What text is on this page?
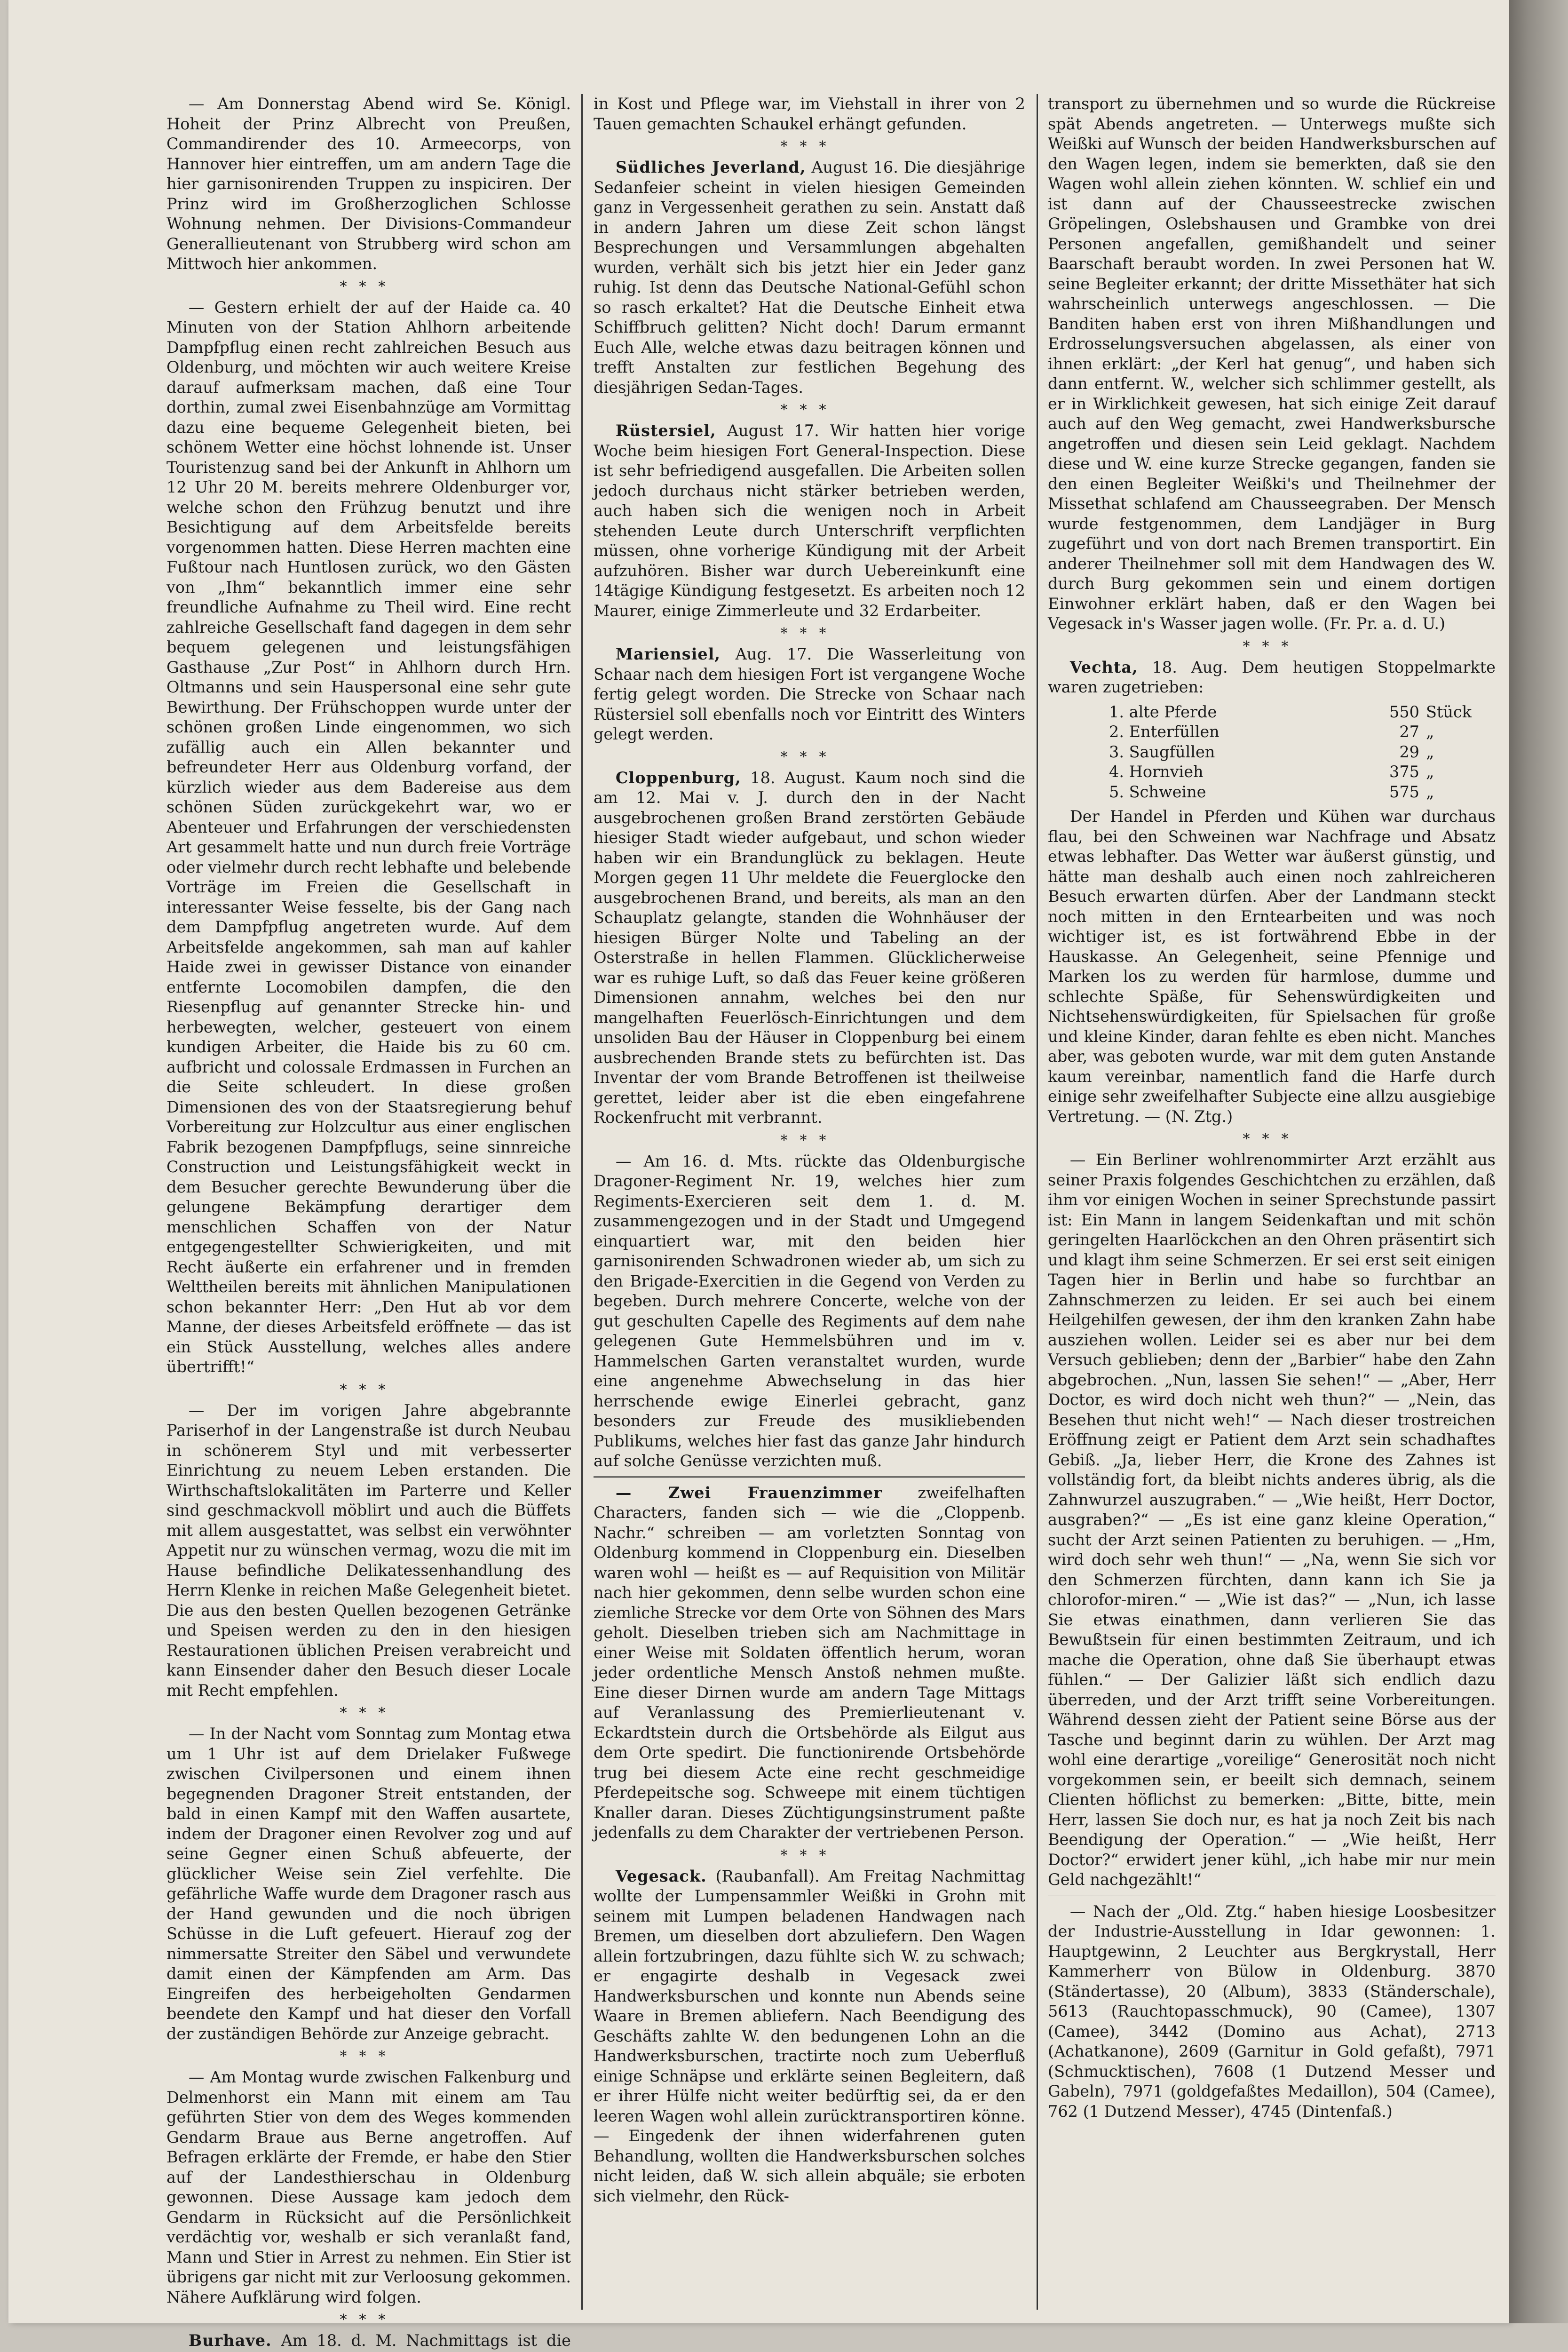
— Am Donnerstag Abend wird Se. Königl. Hoheit der Prinz Albrecht von Preußen, Commandirender des 10. Armeecorps, von Hannover hier eintreffen, um am andern Tage die hier garnisonirenden Truppen zu inspiciren. Der Prinz wird im Großherzoglichen Schlosse Wohnung nehmen. Der Divisions-Commandeur Generallieutenant von Strubberg wird schon am Mittwoch hier ankommen.

***

— Gestern erhielt der auf der Haide ca. 40 Minuten von der Station Ahlhorn arbeitende Dampfpflug einen recht zahlreichen Besuch aus Oldenburg, und möchten wir auch weitere Kreise darauf aufmerksam machen, daß eine Tour dorthin, zumal zwei Eisenbahnzüge am Vormittag dazu eine bequeme Gelegenheit bieten, bei schönem Wetter eine höchst lohnende ist. Unser Touristenzug sand bei der Ankunft in Ahlhorn um 12 Uhr 20 M. bereits mehrere Oldenburger vor, welche schon den Frühzug benutzt und ihre Besichtigung auf dem Arbeitsfelde bereits vorgenommen hatten. Diese Herren machten eine Fußtour nach Huntlosen zurück, wo den Gästen von „Ihm“ bekanntlich immer eine sehr freundliche Aufnahme zu Theil wird. Eine recht zahlreiche Gesellschaft fand dagegen in dem sehr bequem gelegenen und leistungsfähigen Gasthause „Zur Post“ in Ahlhorn durch Hrn. Oltmanns und sein Hauspersonal eine sehr gute Bewirthung. Der Frühschoppen wurde unter der schönen großen Linde eingenommen, wo sich zufällig auch ein Allen bekannter und befreundeter Herr aus Oldenburg vorfand, der kürzlich wieder aus dem Badereise aus dem schönen Süden zurückgekehrt war, wo er Abenteuer und Erfahrungen der verschiedensten Art gesammelt hatte und nun durch freie Vorträge oder vielmehr durch recht lebhafte und belebende Vorträge im Freien die Gesellschaft in interessanter Weise fesselte, bis der Gang nach dem Dampfpflug angetreten wurde. Auf dem Arbeitsfelde angekommen, sah man auf kahler Haide zwei in gewisser Distance von einander entfernte Locomobilen dampfen, die den Riesenpflug auf genannter Strecke hin- und herbewegten, welcher, gesteuert von einem kundigen Arbeiter, die Haide bis zu 60 cm. aufbricht und colossale Erdmassen in Furchen an die Seite schleudert. In diese großen Dimensionen des von der Staatsregierung behuf Vorbereitung zur Holzcultur aus einer englischen Fabrik bezogenen Dampfpflugs, seine sinnreiche Construction und Leistungsfähigkeit weckt in dem Besucher gerechte Bewunderung über die gelungene Bekämpfung derartiger dem menschlichen Schaffen von der Natur entgegengestellter Schwierigkeiten, und mit Recht äußerte ein erfahrener und in fremden Welttheilen bereits mit ähnlichen Manipulationen schon bekannter Herr: „Den Hut ab vor dem Manne, der dieses Arbeitsfeld eröffnete — das ist ein Stück Ausstellung, welches alles andere übertrifft!“

***

— Der im vorigen Jahre abgebrannte Pariserhof in der Langenstraße ist durch Neubau in schönerem Styl und mit verbesserter Einrichtung zu neuem Leben erstanden. Die Wirthschaftslokalitäten im Parterre und Keller sind geschmackvoll möblirt und auch die Büffets mit allem ausgestattet, was selbst ein verwöhnter Appetit nur zu wünschen vermag, wozu die mit im Hause befindliche Delikatessenhandlung des Herrn Klenke in reichen Maße Gelegenheit bietet. Die aus den besten Quellen bezogenen Getränke und Speisen werden zu den in den hiesigen Restaurationen üblichen Preisen verabreicht und kann Einsender daher den Besuch dieser Locale mit Recht empfehlen.

***

— In der Nacht vom Sonntag zum Montag etwa um 1 Uhr ist auf dem Drielaker Fußwege zwischen Civilpersonen und einem ihnen begegnenden Dragoner Streit entstanden, der bald in einen Kampf mit den Waffen ausartete, indem der Dragoner einen Revolver zog und auf seine Gegner einen Schuß abfeuerte, der glücklicher Weise sein Ziel verfehlte. Die gefährliche Waffe wurde dem Dragoner rasch aus der Hand gewunden und die noch übrigen Schüsse in die Luft gefeuert. Hierauf zog der nimmersatte Streiter den Säbel und verwundete damit einen der Kämpfenden am Arm. Das Eingreifen des herbeigeholten Gendarmen beendete den Kampf und hat dieser den Vorfall der zuständigen Behörde zur Anzeige gebracht.

***

— Am Montag wurde zwischen Falkenburg und Delmenhorst ein Mann mit einem am Tau geführten Stier von dem des Weges kommenden Gendarm Braue aus Berne angetroffen. Auf Befragen erklärte der Fremde, er habe den Stier auf der Landesthierschau in Oldenburg gewonnen. Diese Aussage kam jedoch dem Gendarm in Rücksicht auf die Persönlichkeit verdächtig vor, weshalb er sich veranlaßt fand, Mann und Stier in Arrest zu nehmen. Ein Stier ist übrigens gar nicht mit zur Verloosung gekommen. Nähere Aufklärung wird folgen.

***

Burhave. Am 18. d. M. Nachmittags ist die

in Kost und Pflege war, im Viehstall in ihrer von 2 Tauen gemachten Schaukel erhängt gefunden.

***

Südliches Jeverland, August 16. Die diesjährige Sedanfeier scheint in vielen hiesigen Gemeinden ganz in Vergessenheit gerathen zu sein. Anstatt daß in andern Jahren um diese Zeit schon längst Besprechungen und Versammlungen abgehalten wurden, verhält sich bis jetzt hier ein Jeder ganz ruhig. Ist denn das Deutsche National-Gefühl schon so rasch erkaltet? Hat die Deutsche Einheit etwa Schiffbruch gelitten? Nicht doch! Darum ermannt Euch Alle, welche etwas dazu beitragen können und trefft Anstalten zur festlichen Begehung des diesjährigen Sedan-Tages.

***

Rüstersiel, August 17. Wir hatten hier vorige Woche beim hiesigen Fort General-Inspection. Diese ist sehr befriedigend ausgefallen. Die Arbeiten sollen jedoch durchaus nicht stärker betrieben werden, auch haben sich die wenigen noch in Arbeit stehenden Leute durch Unterschrift verpflichten müssen, ohne vorherige Kündigung mit der Arbeit aufzuhören. Bisher war durch Uebereinkunft eine 14tägige Kündigung festgesetzt. Es arbeiten noch 12 Maurer, einige Zimmerleute und 32 Erdarbeiter.

***

Mariensiel, Aug. 17. Die Wasserleitung von Schaar nach dem hiesigen Fort ist vergangene Woche fertig gelegt worden. Die Strecke von Schaar nach Rüstersiel soll ebenfalls noch vor Eintritt des Winters gelegt werden.

***

Cloppenburg, 18. August. Kaum noch sind die am 12. Mai v. J. durch den in der Nacht ausgebrochenen großen Brand zerstörten Gebäude hiesiger Stadt wieder aufgebaut, und schon wieder haben wir ein Brandunglück zu beklagen. Heute Morgen gegen 11 Uhr meldete die Feuerglocke den ausgebrochenen Brand, und bereits, als man an den Schauplatz gelangte, standen die Wohnhäuser der hiesigen Bürger Nolte und Tabeling an der Osterstraße in hellen Flammen. Glücklicherweise war es ruhige Luft, so daß das Feuer keine größeren Dimensionen annahm, welches bei den nur mangelhaften Feuerlösch-Einrichtungen und dem unsoliden Bau der Häuser in Cloppenburg bei einem ausbrechenden Brande stets zu befürchten ist. Das Inventar der vom Brande Betroffenen ist theilweise gerettet, leider aber ist die eben eingefahrene Rockenfrucht mit verbrannt.

***

— Am 16. d. Mts. rückte das Oldenburgische Dragoner-Regiment Nr. 19, welches hier zum Regiments-Exercieren seit dem 1. d. M. zusammengezogen und in der Stadt und Umgegend einquartiert war, mit den beiden hier garnisonirenden Schwadronen wieder ab, um sich zu den Brigade-Exercitien in die Gegend von Verden zu begeben. Durch mehrere Concerte, welche von der gut geschulten Capelle des Regiments auf dem nahe gelegenen Gute Hemmelsbühren und im v. Hammelschen Garten veranstaltet wurden, wurde eine angenehme Abwechselung in das hier herrschende ewige Einerlei gebracht, ganz besonders zur Freude des musikliebenden Publikums, welches hier fast das ganze Jahr hindurch auf solche Genüsse verzichten muß.

— Zwei Frauenzimmer zweifelhaften Characters, fanden sich — wie die „Cloppenb. Nachr.“ schreiben — am vorletzten Sonntag von Oldenburg kommend in Cloppenburg ein. Dieselben waren wohl — heißt es — auf Requisition von Militär nach hier gekommen, denn selbe wurden schon eine ziemliche Strecke vor dem Orte von Söhnen des Mars geholt. Dieselben trieben sich am Nachmittage in einer Weise mit Soldaten öffentlich herum, woran jeder ordentliche Mensch Anstoß nehmen mußte. Eine dieser Dirnen wurde am andern Tage Mittags auf Veranlassung des Premierlieutenant v. Eckardtstein durch die Ortsbehörde als Eilgut aus dem Orte spedirt. Die functionirende Ortsbehörde trug bei diesem Acte eine recht geschmeidige Pferdepeitsche sog. Schweepe mit einem tüchtigen Knaller daran. Dieses Züchtigungsinstrument paßte jedenfalls zu dem Charakter der vertriebenen Person.

***

Vegesack. (Raubanfall). Am Freitag Nachmittag wollte der Lumpensammler Weißki in Grohn mit seinem mit Lumpen beladenen Handwagen nach Bremen, um dieselben dort abzuliefern. Den Wagen allein fortzubringen, dazu fühlte sich W. zu schwach; er engagirte deshalb in Vegesack zwei Handwerksburschen und konnte nun Abends seine Waare in Bremen abliefern. Nach Beendigung des Geschäfts zahlte W. den bedungenen Lohn an die Handwerksburschen, tractirte noch zum Ueberfluß einige Schnäpse und erklärte seinen Begleitern, daß er ihrer Hülfe nicht weiter bedürftig sei, da er den leeren Wagen wohl allein zurücktransportiren könne. — Eingedenk der ihnen widerfahrenen guten Behandlung, wollten die Handwerksburschen solches nicht leiden, daß W. sich allein abquäle; sie erboten sich vielmehr, den Rück-

transport zu übernehmen und so wurde die Rückreise spät Abends angetreten. — Unterwegs mußte sich Weißki auf Wunsch der beiden Handwerksburschen auf den Wagen legen, indem sie bemerkten, daß sie den Wagen wohl allein ziehen könnten. W. schlief ein und ist dann auf der Chausseestrecke zwischen Gröpelingen, Oslebshausen und Grambke von drei Personen angefallen, gemißhandelt und seiner Baarschaft beraubt worden. In zwei Personen hat W. seine Begleiter erkannt; der dritte Missethäter hat sich wahrscheinlich unterwegs angeschlossen. — Die Banditen haben erst von ihren Mißhandlungen und Erdrosselungsversuchen abgelassen, als einer von ihnen erklärt: „der Kerl hat genug“, und haben sich dann entfernt. W., welcher sich schlimmer gestellt, als er in Wirklichkeit gewesen, hat sich einige Zeit darauf auch auf den Weg gemacht, zwei Handwerksbursche angetroffen und diesen sein Leid geklagt. Nachdem diese und W. eine kurze Strecke gegangen, fanden sie den einen Begleiter Weißki's und Theilnehmer der Missethat schlafend am Chausseegraben. Der Mensch wurde festgenommen, dem Landjäger in Burg zugeführt und von dort nach Bremen transportirt. Ein anderer Theilnehmer soll mit dem Handwagen des W. durch Burg gekommen sein und einem dortigen Einwohner erklärt haben, daß er den Wagen bei Vegesack in's Wasser jagen wolle. (Fr. Pr. a. d. U.)

***

Vechta, 18. Aug. Dem heutigen Stoppelmarkte waren zugetrieben:

1. alte Pferde	550 Stück
2. Enterfüllen	27 „
3. Saugfüllen	29 „
4. Hornvieh	375 „
5. Schweine	575 „

Der Handel in Pferden und Kühen war durchaus flau, bei den Schweinen war Nachfrage und Absatz etwas lebhafter. Das Wetter war äußerst günstig, und hätte man deshalb auch einen noch zahlreicheren Besuch erwarten dürfen. Aber der Landmann steckt noch mitten in den Erntearbeiten und was noch wichtiger ist, es ist fortwährend Ebbe in der Hauskasse. An Gelegenheit, seine Pfennige und Marken los zu werden für harmlose, dumme und schlechte Späße, für Sehenswürdigkeiten und Nichtsehenswürdigkeiten, für Spielsachen für große und kleine Kinder, daran fehlte es eben nicht. Manches aber, was geboten wurde, war mit dem guten Anstande kaum vereinbar, namentlich fand die Harfe durch einige sehr zweifelhafter Subjecte eine allzu ausgiebige Vertretung. — (N. Ztg.)

***

— Ein Berliner wohlrenommirter Arzt erzählt aus seiner Praxis folgendes Geschichtchen zu erzählen, daß ihm vor einigen Wochen in seiner Sprechstunde passirt ist: Ein Mann in langem Seidenkaftan und mit schön geringelten Haarlöckchen an den Ohren präsentirt sich und klagt ihm seine Schmerzen. Er sei erst seit einigen Tagen hier in Berlin und habe so furchtbar an Zahnschmerzen zu leiden. Er sei auch bei einem Heilgehilfen gewesen, der ihm den kranken Zahn habe ausziehen wollen. Leider sei es aber nur bei dem Versuch geblieben; denn der „Barbier“ habe den Zahn abgebrochen. „Nun, lassen Sie sehen!“ — „Aber, Herr Doctor, es wird doch nicht weh thun?“ — „Nein, das Besehen thut nicht weh!“ — Nach dieser trostreichen Eröffnung zeigt er Patient dem Arzt sein schadhaftes Gebiß. „Ja, lieber Herr, die Krone des Zahnes ist vollständig fort, da bleibt nichts anderes übrig, als die Zahnwurzel auszugraben.“ — „Wie heißt, Herr Doctor, ausgraben?“ — „Es ist eine ganz kleine Operation,“ sucht der Arzt seinen Patienten zu beruhigen. — „Hm, wird doch sehr weh thun!“ — „Na, wenn Sie sich vor den Schmerzen fürchten, dann kann ich Sie ja chlorofor-miren.“ — „Wie ist das?“ — „Nun, ich lasse Sie etwas einathmen, dann verlieren Sie das Bewußtsein für einen bestimmten Zeitraum, und ich mache die Operation, ohne daß Sie überhaupt etwas fühlen.“ — Der Galizier läßt sich endlich dazu überreden, und der Arzt trifft seine Vorbereitungen. Während dessen zieht der Patient seine Börse aus der Tasche und beginnt darin zu wühlen. Der Arzt mag wohl eine derartige „voreilige“ Generosität noch nicht vorgekommen sein, er beeilt sich demnach, seinem Clienten höflichst zu bemerken: „Bitte, bitte, mein Herr, lassen Sie doch nur, es hat ja noch Zeit bis nach Beendigung der Operation.“ — „Wie heißt, Herr Doctor?“ erwidert jener kühl, „ich habe mir nur mein Geld nachgezählt!“

— Nach der „Old. Ztg.“ haben hiesige Loosbesitzer der Industrie-Ausstellung in Idar gewonnen: 1. Hauptgewinn, 2 Leuchter aus Bergkrystall, Herr Kammerherr von Bülow in Oldenburg. 3870 (Ständertasse), 20 (Album), 3833 (Ständerschale), 5613 (Rauchtopasschmuck), 90 (Camee), 1307 (Camee), 3442 (Domino aus Achat), 2713 (Achatkanone), 2609 (Garnitur in Gold gefaßt), 7971 (Schmucktischen), 7608 (1 Dutzend Messer und Gabeln), 7971 (goldgefaßtes Medaillon), 504 (Camee), 762 (1 Dutzend Messer), 4745 (Dintenfaß.)
